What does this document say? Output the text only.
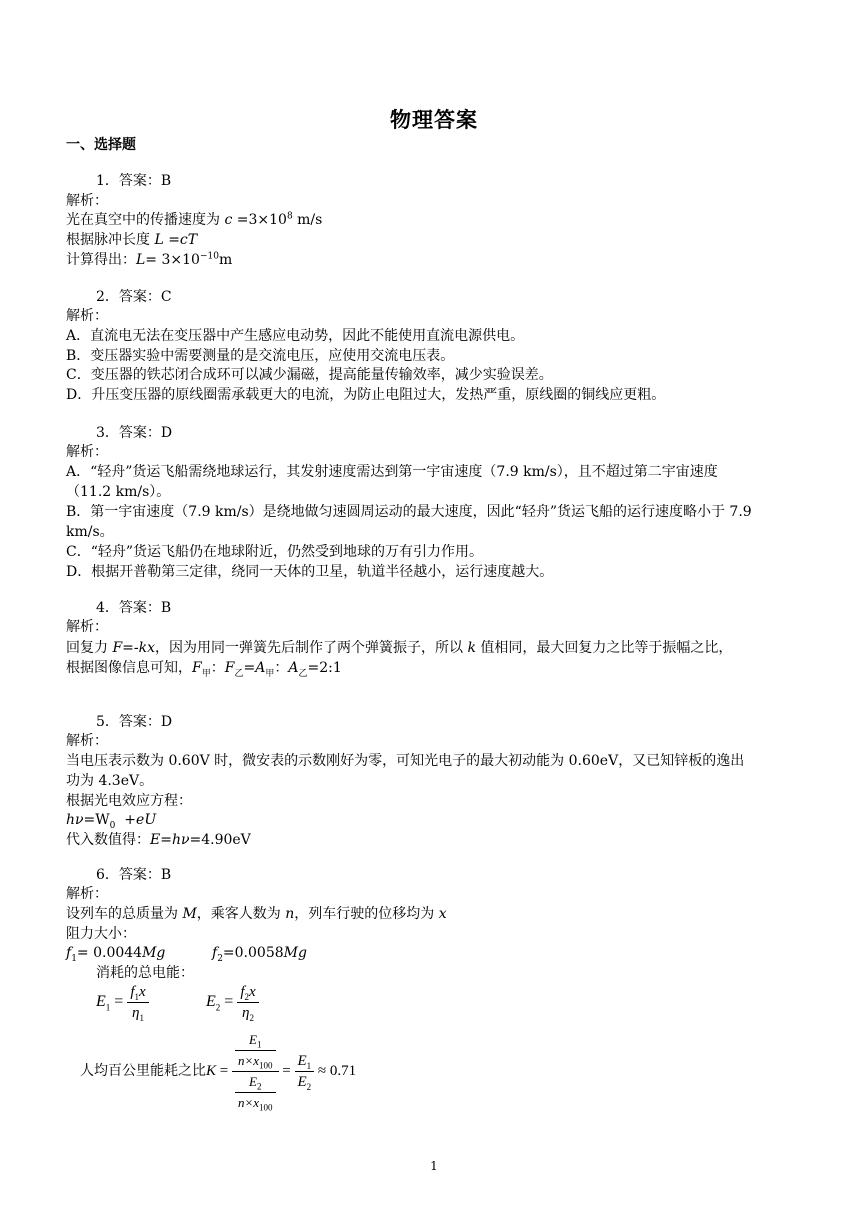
物理答案
一、选择题
1．答案：B
解析：
光在真空中的传播速度为 $c =3\times 10^8$ m/s
根据脉冲长度 L =cT
计算得出：$L= 3\times 10^{-10}m$
2．答案：C
解析：
A．直流电无法在变压器中产生感应电动势，因此不能使用直流电源供电。
B．变压器实验中需要测量的是交流电压，应使用交流电压表。
C．变压器的铁芯闭合成环可以减少漏磁，提高能量传输效率，减少实验误差。
D．升压变压器的原线圈需承载更大的电流，为防止电阻过大，发热严重，原线圈的铜线应更粗。
3．答案：D
解析：
A．“轻舟”货运飞船需绕地球运行，其发射速度需达到第一宇宙速度（7.9 km/s），且不超过第二宇宙速度
（11.2 km/s）。
B．第一宇宙速度（7.9 km/s）是绕地做匀速圆周运动的最大速度，因此“轻舟”货运飞船的运行速度略小于 7.9
km/s。
C．“轻舟”货运飞船仍在地球附近，仍然受到地球的万有引力作用。
D．根据开普勒第三定律，绕同一天体的卫星，轨道半径越小，运行速度越大。
4．答案：B
解析：
回复力 F=-kx，因为用同一弹簧先后制作了两个弹簧振子，所以 k 值相同，最大回复力之比等于振幅之比，
根据图像信息可知，$F_甲$：$F_乙=A_甲$：$A_乙=2:1$
5．答案：D
解析：
当电压表示数为 0.60V 时，微安表的示数刚好为零，可知光电子的最大初动能为 0.60eV，又已知锌板的逸出
功为 4.3eV。
根据光电效应方程：
$h\nu=W_0 +eU$
代入数值得：E=hν=4.90eV
6．答案：B
解析：
设列车的总质量为 M，乘客人数为 n，列车行驶的位移均为 x
阻力大小：
$f_1= 0.0044Mg$	$f_2=0.0058Mg$
消耗的总电能：
$E_1 = \frac{f_1x}{\eta_1}$	$E_2 = \frac{f_2x}{\eta_2}$
人均百公里能耗之比$K = \frac{\frac{E_1}{n\times x_{100}}}{\frac{E_2}{n\times x_{100}}} = \frac{E_1}{E_2} \approx 0.71$
1
